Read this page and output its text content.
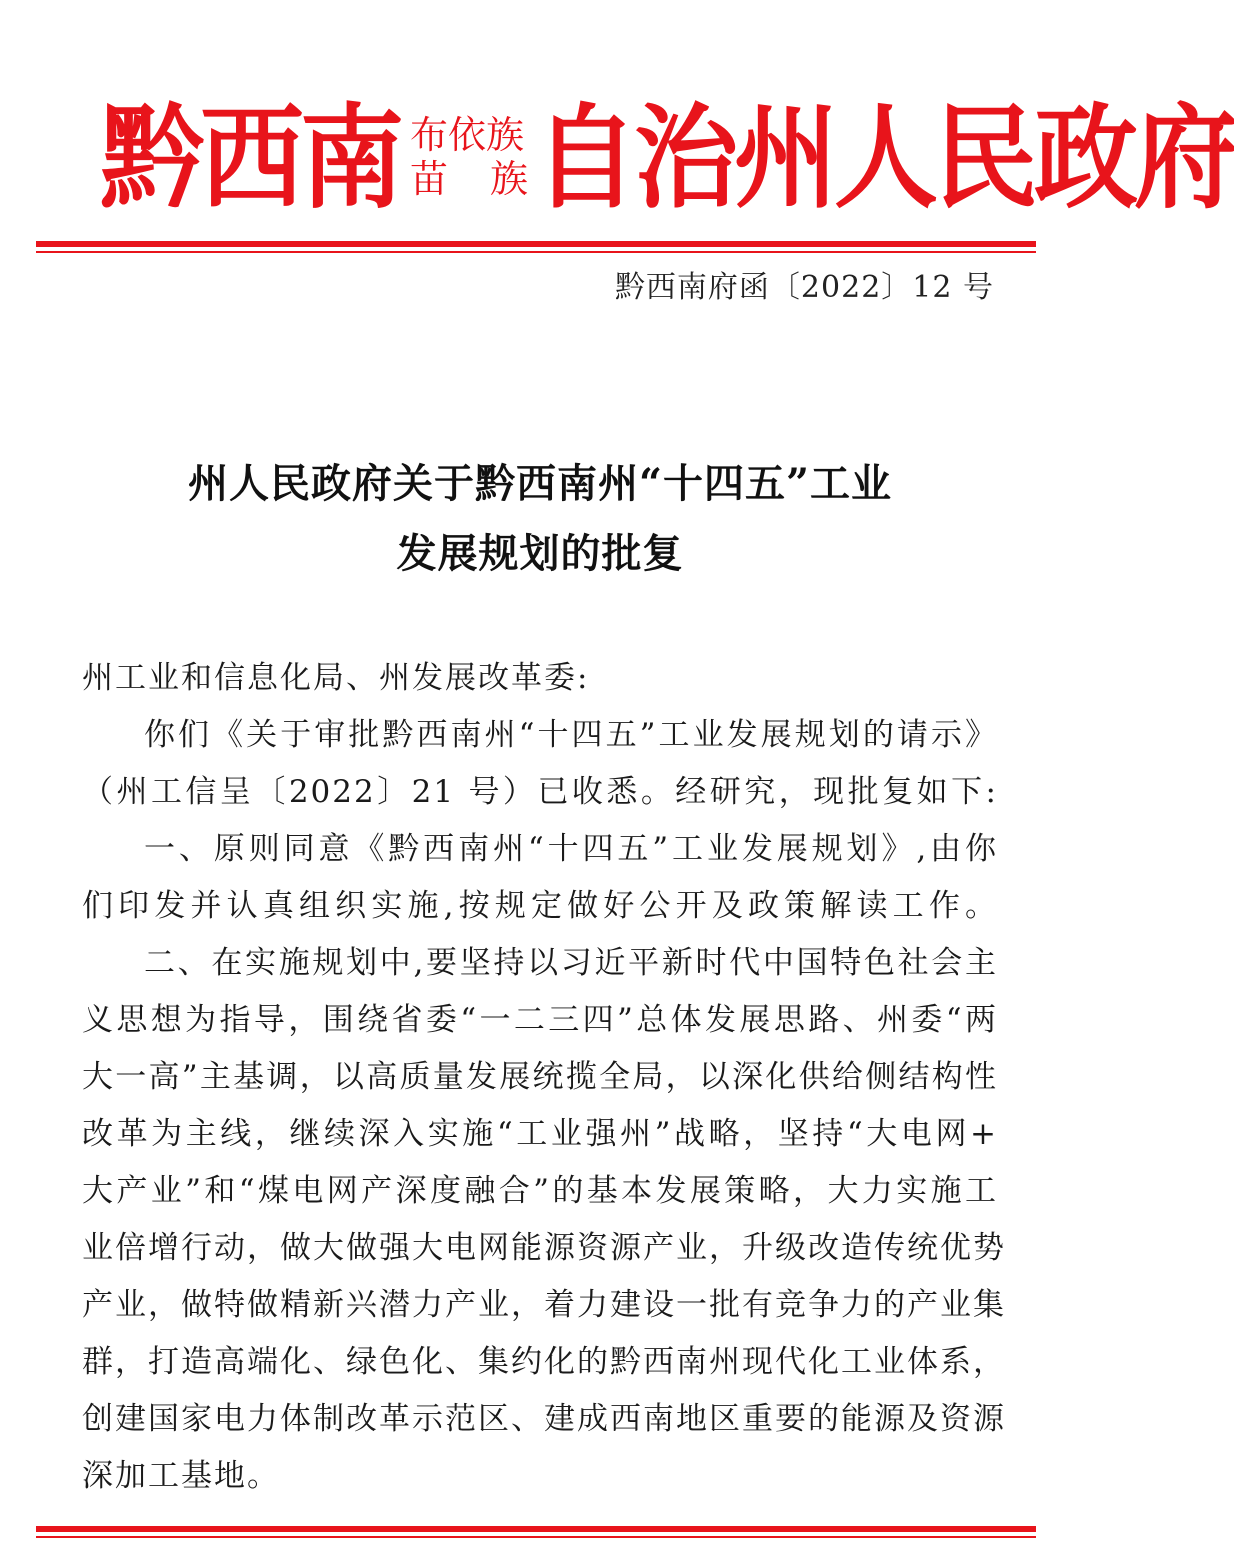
黔西南 布依族
苗 族 自治州人民政府
黔西南府函〔2022〕12 号
州人民政府关于黔西南州“十四五”工业
发展规划的批复
州工业和信息化局、州发展改革委:
你们《关于审批黔西南州“十四五”工业发展规划的请示》
（州工信呈〔2022〕21 号）已收悉。经研究，现批复如下:
一、原则同意《黔西南州“十四五”工业发展规划》,由你
们印发并认真组织实施,按规定做好公开及政策解读工作。
二、在实施规划中,要坚持以习近平新时代中国特色社会主
义思想为指导，围绕省委“一二三四”总体发展思路、州委“两
大一高”主基调，以高质量发展统揽全局，以深化供给侧结构性
改革为主线，继续深入实施“工业强州”战略，坚持“大电网+
大产业”和“煤电网产深度融合”的基本发展策略，大力实施工
业倍增行动，做大做强大电网能源资源产业，升级改造传统优势
产业，做特做精新兴潜力产业，着力建设一批有竞争力的产业集
群，打造高端化、绿色化、集约化的黔西南州现代化工业体系，
创建国家电力体制改革示范区、建成西南地区重要的能源及资源
深加工基地。
